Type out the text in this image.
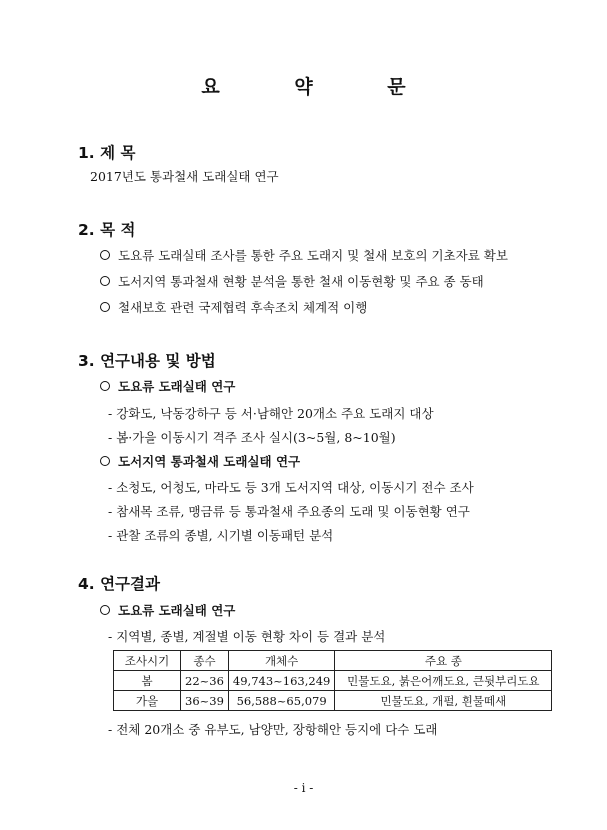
요 약 문
1. 제 목
2017년도 통과철새 도래실태 연구
2. 목 적
도요류 도래실태 조사를 통한 주요 도래지 및 철새 보호의 기초자료 확보
도서지역 통과철새 현황 분석을 통한 철새 이동현황 및 주요 종 동태
철새보호 관련 국제협력 후속조치 체계적 이행
3. 연구내용 및 방법
도요류 도래실태 연구
- 강화도, 낙동강하구 등 서·남해안 20개소 주요 도래지 대상
- 봄·가을 이동시기 격주 조사 실시(3~5월, 8~10월)
도서지역 통과철새 도래실태 연구
- 소청도, 어청도, 마라도 등 3개 도서지역 대상, 이동시기 전수 조사
- 참새목 조류, 맹금류 등 통과철새 주요종의 도래 및 이동현황 연구
- 관찰 조류의 종별, 시기별 이동패턴 분석
4. 연구결과
도요류 도래실태 연구
- 지역별, 종별, 계절별 이동 현황 차이 등 결과 분석
조사시기	종수	개체수	주요 종
봄	22~36	49,743~163,249	민물도요, 붉은어깨도요, 큰뒷부리도요
가을	36~39	56,588~65,079	민물도요, 개펄, 흰물떼새
- 전체 20개소 중 유부도, 남양만, 장항해안 등지에 다수 도래
- i -
